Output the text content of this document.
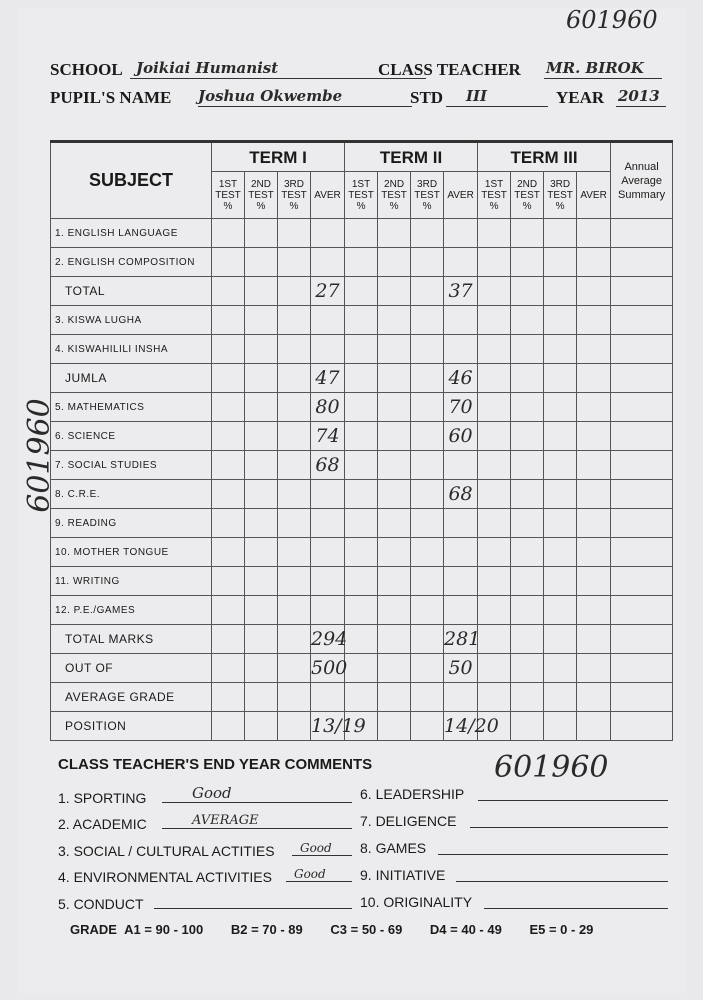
601960
SCHOOL Joikiai Humanist	CLASS TEACHER MR. BIROK
PUPIL'S NAME Joshua Okwembe	STD III	YEAR 2013
601960
SUBJECT	TERM I				TERM II				TERM III				Annual Average Summary
	1ST TEST %	2ND TEST %	3RD TEST %	AVER	1ST TEST %	2ND TEST %	3RD TEST %	AVER	1ST TEST %	2ND TEST %	3RD TEST %	AVER	
1. ENGLISH LANGUAGE													
2. ENGLISH COMPOSITION													
TOTAL				27				37					
3. KISWA LUGHA													
4. KISWAHILILI INSHA													
JUMLA				47				46					
5. MATHEMATICS				80				70					
6. SCIENCE				74				60					
7. SOCIAL STUDIES				68									
8. C.R.E.								68					
9. READING													
10. MOTHER TONGUE													
11. WRITING													
12. P.E./GAMES													
TOTAL MARKS				294				281					
OUT OF				500				50					
AVERAGE GRADE													
POSITION				13/19				14/20					
CLASS TEACHER'S END YEAR COMMENTS	601960
1. SPORTING	Good
2. ACADEMIC	AVERAGE
3. SOCIAL / CULTURAL ACTITIES Good
4. ENVIRONMENTAL ACTIVITIES Good
5. CONDUCT
6. LEADERSHIP
7. DELIGENCE
8. GAMES
9. INITIATIVE
10. ORIGINALITY
GRADE A1 = 90 - 100 B2 = 70 - 89 C3 = 50 - 69 D4 = 40 - 49 E5 = 0 - 29
